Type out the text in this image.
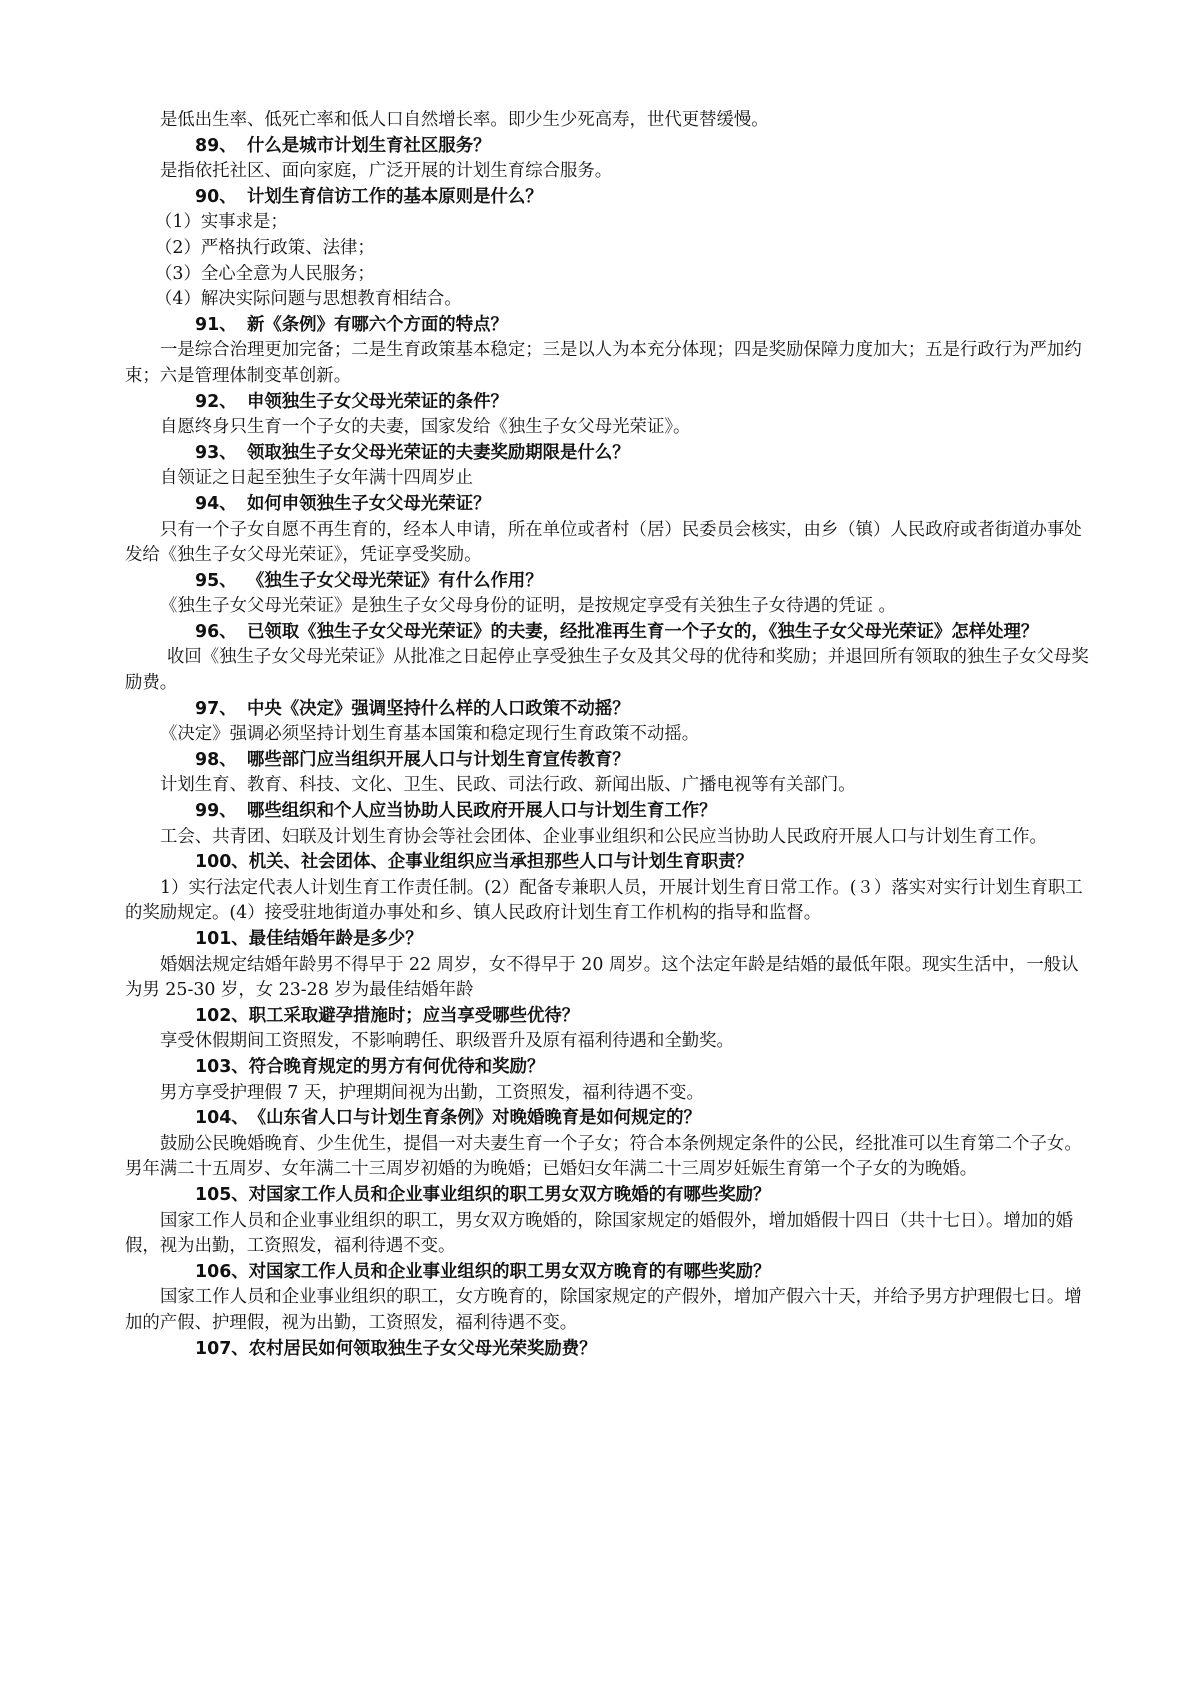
是低出生率、低死亡率和低人口自然增长率。即少生少死高寿，世代更替缓慢。

89、 什么是城市计划生育社区服务？

是指依托社区、面向家庭，广泛开展的计划生育综合服务。

90、 计划生育信访工作的基本原则是什么？

（1）实事求是；

（2）严格执行政策、法律；

（3）全心全意为人民服务；

（4）解决实际问题与思想教育相结合。

91、 新《条例》有哪六个方面的特点？

一是综合治理更加完备；二是生育政策基本稳定；三是以人为本充分体现；四是奖励保障力度加大；五是行政行为严加约束；六是管理体制变革创新。

92、 申领独生子女父母光荣证的条件？

自愿终身只生育一个子女的夫妻，国家发给《独生子女父母光荣证》。

93、 领取独生子女父母光荣证的夫妻奖励期限是什么？

自领证之日起至独生子女年满十四周岁止

94、 如何申领独生子女父母光荣证？

只有一个子女自愿不再生育的，经本人申请，所在单位或者村（居）民委员会核实，由乡（镇）人民政府或者街道办事处发给《独生子女父母光荣证》，凭证享受奖励。

95、 《独生子女父母光荣证》有什么作用？

《独生子女父母光荣证》是独生子女父母身份的证明，是按规定享受有关独生子女待遇的凭证 。

96、 已领取《独生子女父母光荣证》的夫妻，经批准再生育一个子女的，《独生子女父母光荣证》怎样处理？

收回《独生子女父母光荣证》从批准之日起停止享受独生子女及其父母的优待和奖励；并退回所有领取的独生子女父母奖励费。

97、 中央《决定》强调坚持什么样的人口政策不动摇？

《决定》强调必须坚持计划生育基本国策和稳定现行生育政策不动摇。

98、 哪些部门应当组织开展人口与计划生育宣传教育？

计划生育、教育、科技、文化、卫生、民政、司法行政、新闻出版、广播电视等有关部门。

99、 哪些组织和个人应当协助人民政府开展人口与计划生育工作？

工会、共青团、妇联及计划生育协会等社会团体、企业事业组织和公民应当协助人民政府开展人口与计划生育工作。

100、机关、社会团体、企事业组织应当承担那些人口与计划生育职责？

1）实行法定代表人计划生育工作责任制。(2）配备专兼职人员，开展计划生育日常工作。(３）落实对实行计划生育职工的奖励规定。(4）接受驻地街道办事处和乡、镇人民政府计划生育工作机构的指导和监督。

101、最佳结婚年龄是多少？

婚姻法规定结婚年龄男不得早于 22 周岁，女不得早于 20 周岁。这个法定年龄是结婚的最低年限。现实生活中，一般认为男 25-30 岁，女 23-28 岁为最佳结婚年龄

102、职工采取避孕措施时；应当享受哪些优待？

享受休假期间工资照发，不影响聘任、职级晋升及原有福利待遇和全勤奖。

103、符合晚育规定的男方有何优待和奖励？

男方享受护理假 7 天，护理期间视为出勤，工资照发，福利待遇不变。

104、《山东省人口与计划生育条例》对晚婚晚育是如何规定的？

鼓励公民晚婚晚育、少生优生，提倡一对夫妻生育一个子女；符合本条例规定条件的公民，经批准可以生育第二个子女。男年满二十五周岁、女年满二十三周岁初婚的为晚婚；已婚妇女年满二十三周岁妊娠生育第一个子女的为晚婚。

105、对国家工作人员和企业事业组织的职工男女双方晚婚的有哪些奖励？

国家工作人员和企业事业组织的职工，男女双方晚婚的，除国家规定的婚假外，增加婚假十四日（共十七日）。增加的婚假，视为出勤，工资照发，福利待遇不变。

106、对国家工作人员和企业事业组织的职工男女双方晚育的有哪些奖励？

国家工作人员和企业事业组织的职工，女方晚育的，除国家规定的产假外，增加产假六十天，并给予男方护理假七日。增加的产假、护理假，视为出勤，工资照发，福利待遇不变。

107、农村居民如何领取独生子女父母光荣奖励费？
